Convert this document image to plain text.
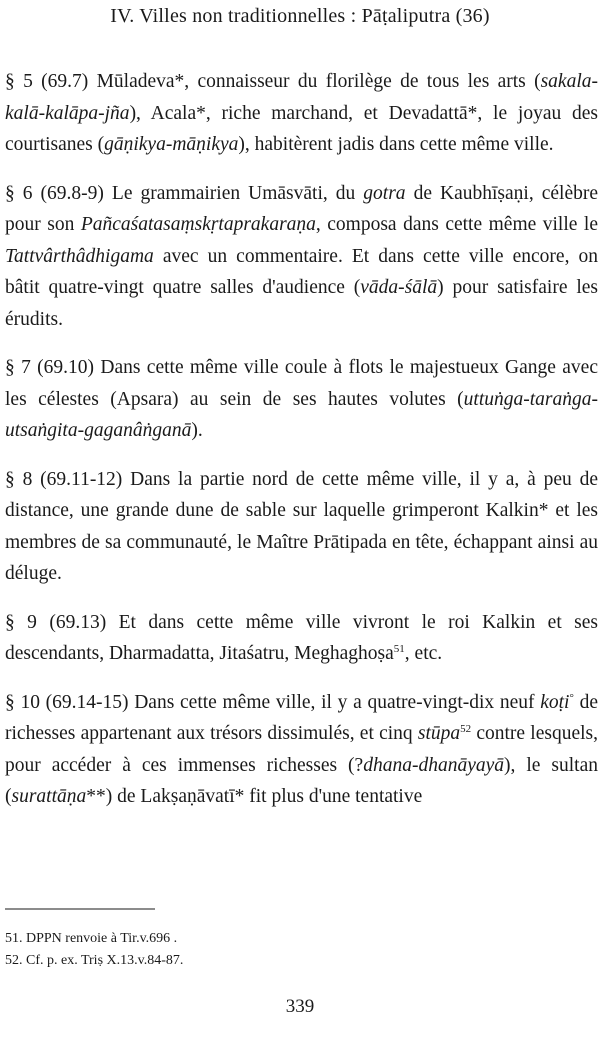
IV. Villes non traditionnelles : Pāṭaliputra (36)

§ 5 (69.7) Mūladeva*, connaisseur du florilège de tous les arts (sakala-kalā-kalāpa-jña), Acala*, riche marchand, et Devadattā*, le joyau des courtisanes (gāṇikya-māṇikya), habitèrent jadis dans cette même ville.

§ 6 (69.8-9) Le grammairien Umāsvāti, du gotra de Kaubhīṣaṇi, célèbre pour son Pañcaśatasaṃskṛtaprakaraṇa, composa dans cette même ville le Tattvârthâdhigama avec un commentaire. Et dans cette ville encore, on bâtit quatre-vingt quatre salles d'audience (vāda-śālā) pour satisfaire les érudits.

§ 7 (69.10) Dans cette même ville coule à flots le majestueux Gange avec les célestes (Apsara) au sein de ses hautes volutes (uttuṅga-taraṅga-utsaṅgita-gaganâṅganā).

§ 8 (69.11-12) Dans la partie nord de cette même ville, il y a, à peu de distance, une grande dune de sable sur laquelle grimperont Kalkin* et les membres de sa communauté, le Maître Prātipada en tête, échappant ainsi au déluge.

§ 9 (69.13) Et dans cette même ville vivront le roi Kalkin et ses descendants, Dharmadatta, Jitaśatru, Meghaghoṣa$^{51}$, etc.

§ 10 (69.14-15) Dans cette même ville, il y a quatre-vingt-dix neuf koṭi° de richesses appartenant aux trésors dissimulés, et cinq stūpa$^{52}$ contre lesquels, pour accéder à ces immenses richesses (?dhana-dhanāyayā), le sultan (surattāṇa**) de Lakṣaṇāvatī* fit plus d'une tentative

51. DPPN renvoie à Tir.v.696 .

52. Cf. p. ex. Triṣ X.13.v.84-87.

339
